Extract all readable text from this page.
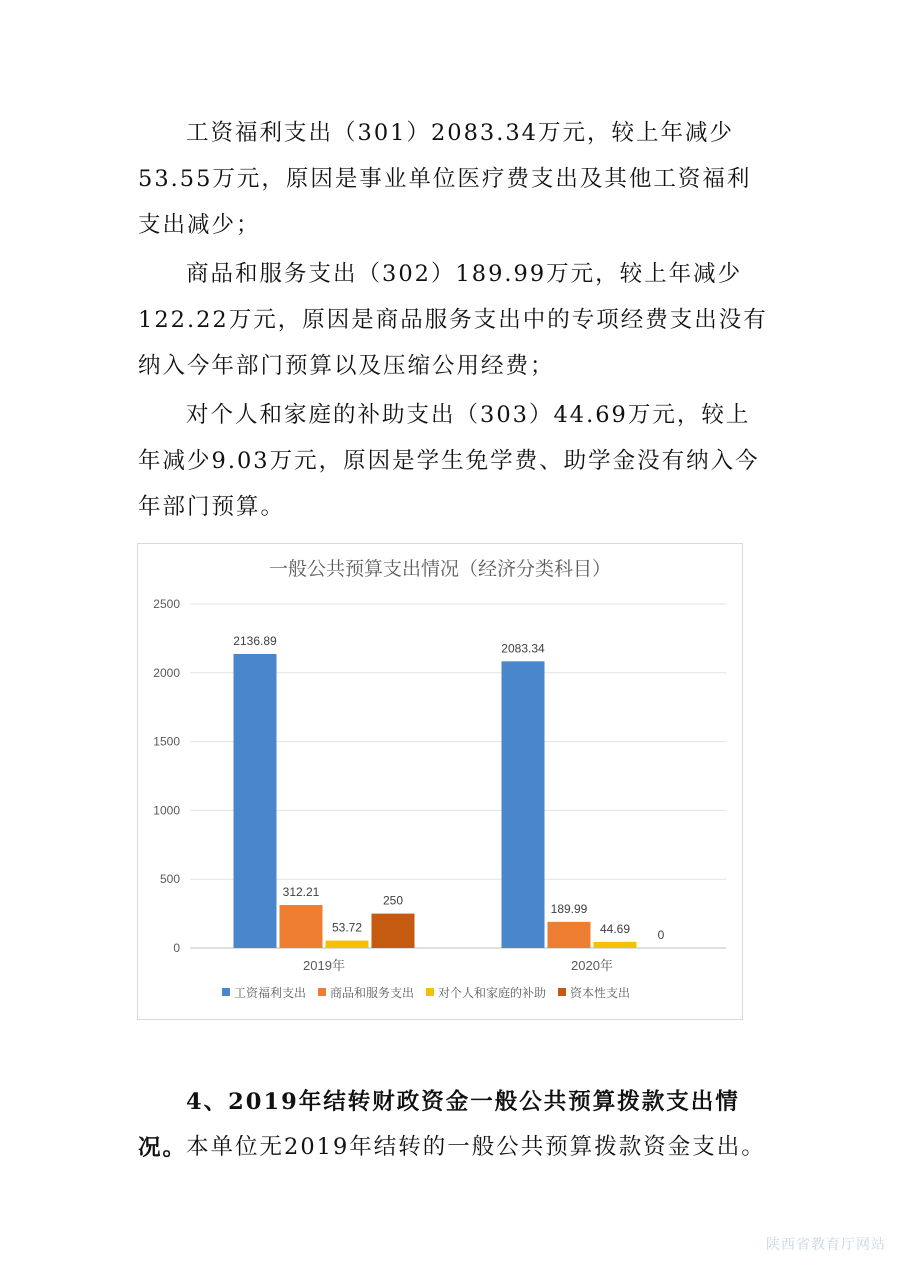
工资福利支出（301）2083.34万元，较上年减少53.55万元，原因是事业单位医疗费支出及其他工资福利支出减少；

商品和服务支出（302）189.99万元，较上年减少122.22万元，原因是商品服务支出中的专项经费支出没有纳入今年部门预算以及压缩公用经费；

对个人和家庭的补助支出（303）44.69万元，较上年减少9.03万元，原因是学生免学费、助学金没有纳入今年部门预算。

一般公共预算支出情况（经济分类科目）
0
500
1000
1500
2000
2500
2136.89
312.21
53.72
250
2019年
2083.34
189.99
44.69 0
2020年
工资福利支出 商品和服务支出 对个人和家庭的补助 资本性支出

4、2019年结转财政资金一般公共预算拨款支出情况。

本单位无2019年结转的一般公共预算拨款资金支出。

陕西省教育厅网站
